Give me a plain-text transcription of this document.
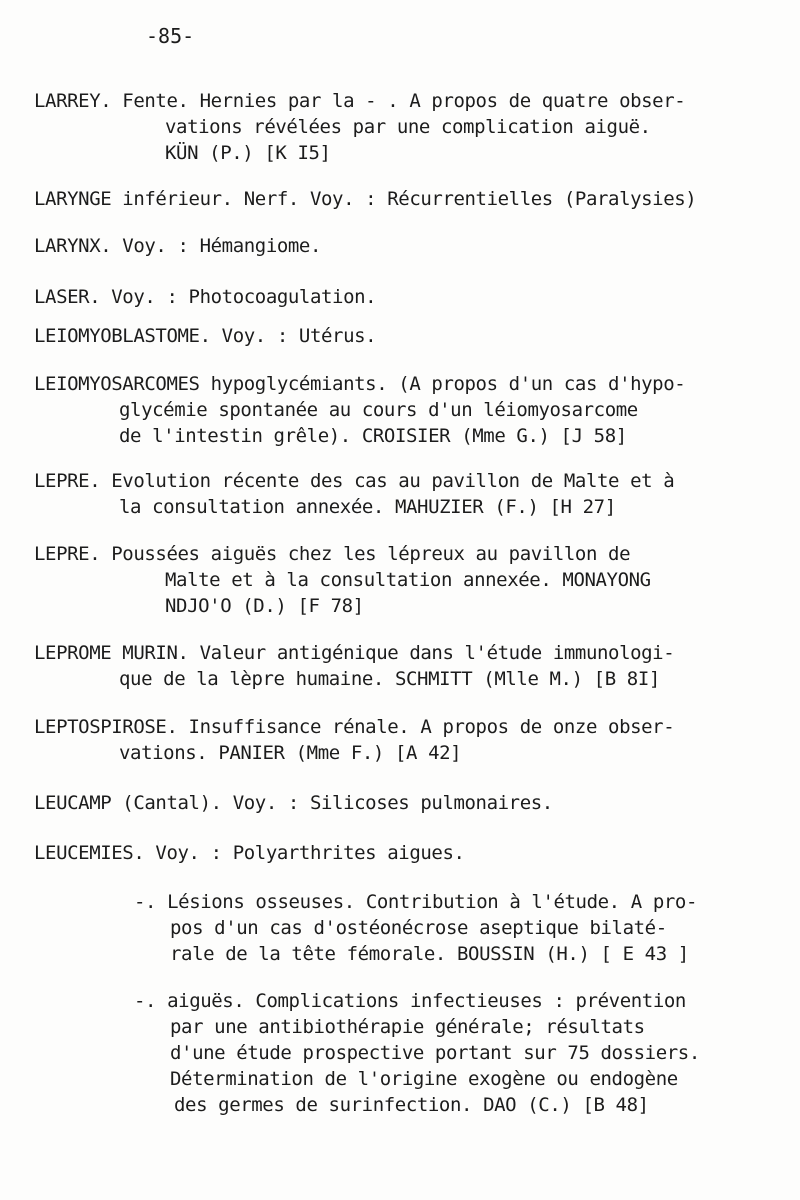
-85-
LARREY. Fente. Hernies par la - . A propos de quatre obser-
vations révélées par une complication aiguë.
KÜN (P.) [K I5]
LARYNGE inférieur. Nerf. Voy. : Récurrentielles (Paralysies)
LARYNX. Voy. : Hémangiome.
LASER. Voy. : Photocoagulation.
LEIOMYOBLASTOME. Voy. : Utérus.
LEIOMYOSARCOMES hypoglycémiants. (A propos d'un cas d'hypo-
glycémie spontanée au cours d'un léiomyosarcome
de l'intestin grêle). CROISIER (Mme G.) [J 58]
LEPRE. Evolution récente des cas au pavillon de Malte et à
la consultation annexée. MAHUZIER (F.) [H 27]
LEPRE. Poussées aiguës chez les lépreux au pavillon de
Malte et à la consultation annexée. MONAYONG
NDJO'O (D.) [F 78]
LEPROME MURIN. Valeur antigénique dans l'étude immunologi-
que de la lèpre humaine. SCHMITT (Mlle M.) [B 8I]
LEPTOSPIROSE. Insuffisance rénale. A propos de onze obser-
vations. PANIER (Mme F.) [A 42]
LEUCAMP (Cantal). Voy. : Silicoses pulmonaires.
LEUCEMIES. Voy. : Polyarthrites aigues.
-. Lésions osseuses. Contribution à l'étude. A pro-
pos d'un cas d'ostéonécrose aseptique bilaté-
rale de la tête fémorale. BOUSSIN (H.) [ E 43 ]
-. aiguës. Complications infectieuses : prévention
par une antibiothérapie générale; résultats
d'une étude prospective portant sur 75 dossiers.
Détermination de l'origine exogène ou endogène
des germes de surinfection. DAO (C.) [B 48]
